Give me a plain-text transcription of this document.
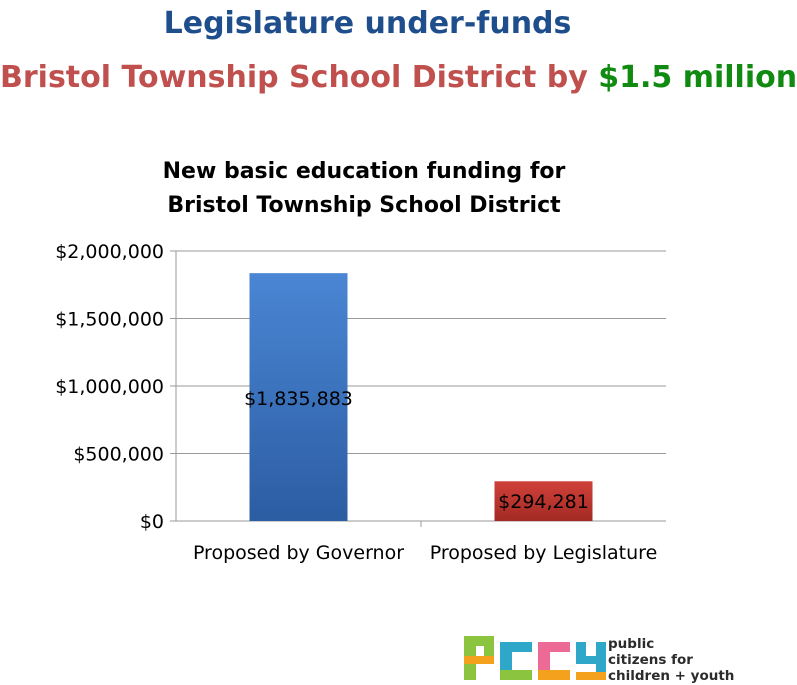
Legislature under-funds
Bristol Township School District by $1.5 million
New basic education funding for
Bristol Township School District
$0
$500,000
$1,000,000
$1,500,000
$2,000,000
$1,835,883
$294,281
Proposed by Governor Proposed by Legislature
public
citizens for
children + youth
